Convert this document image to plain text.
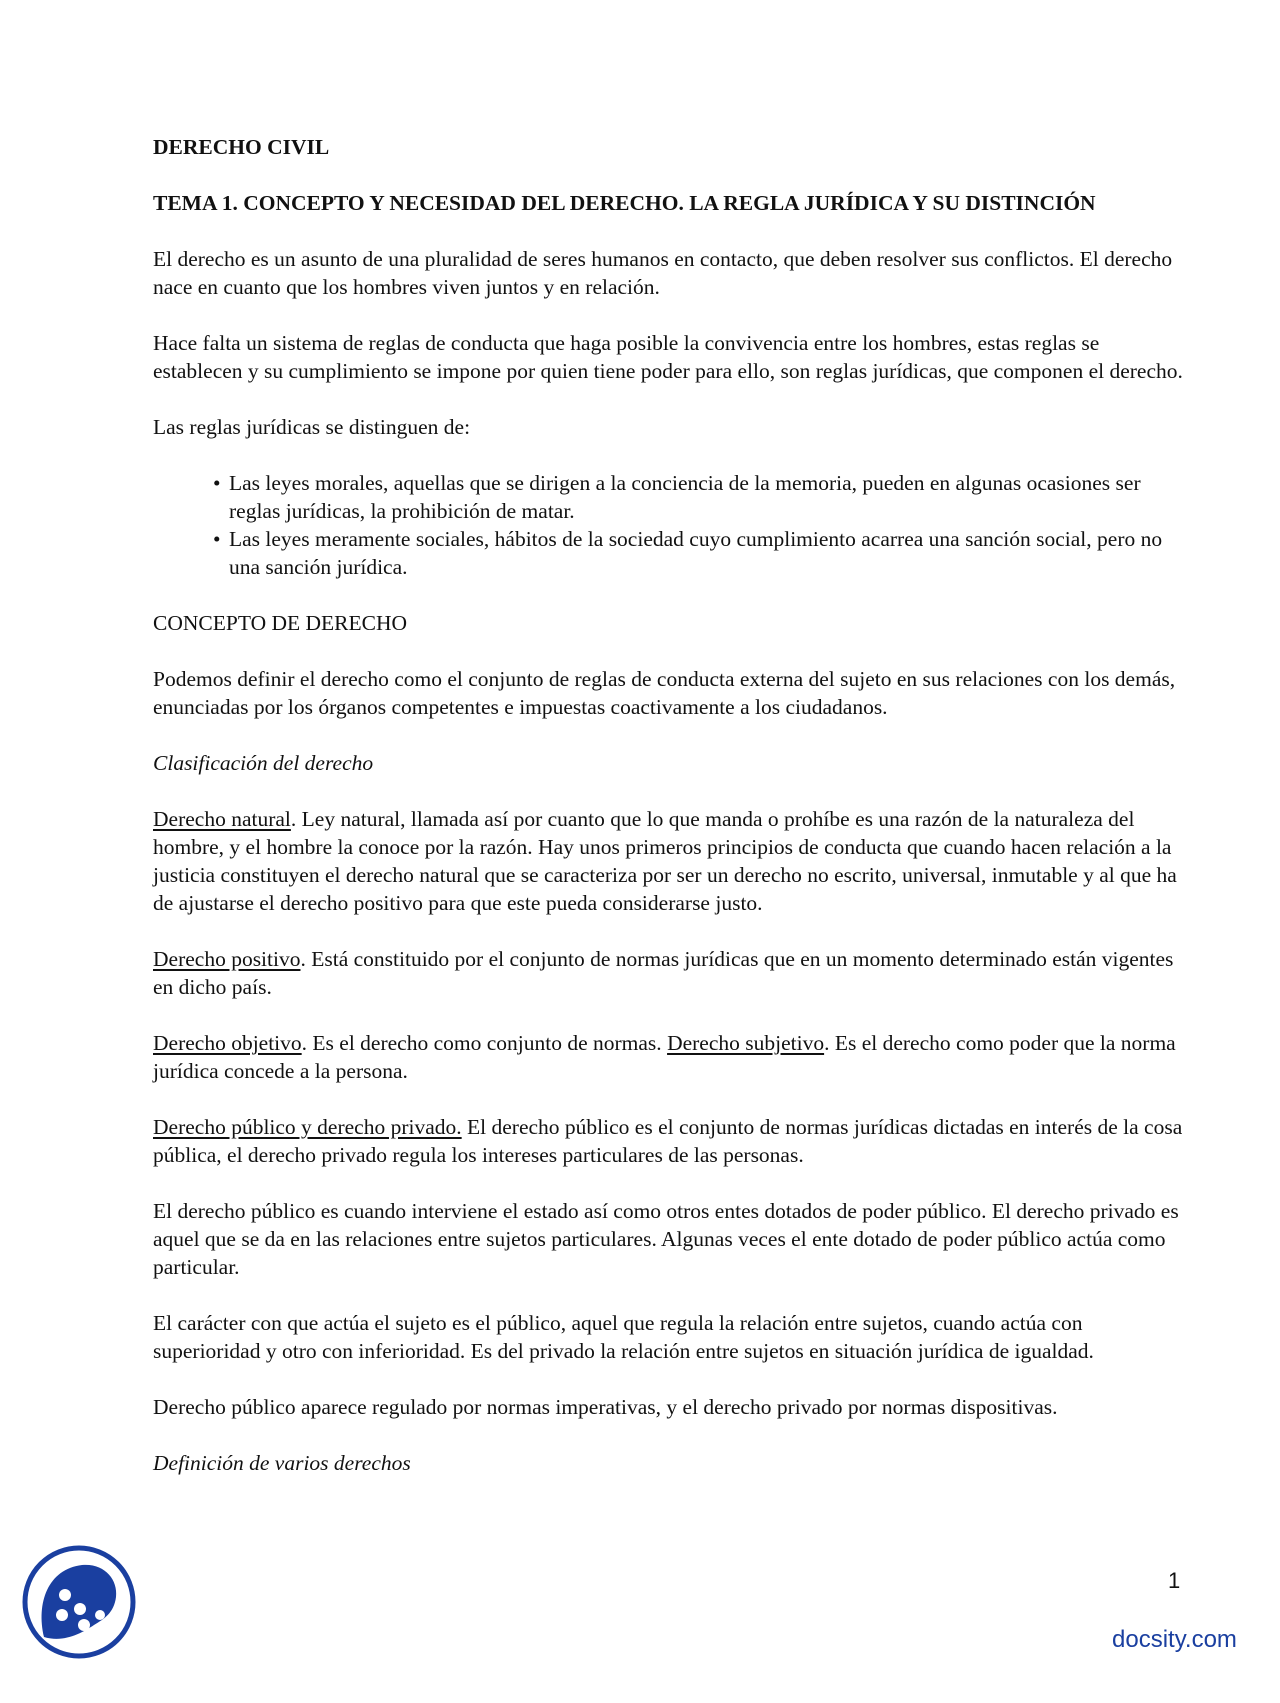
DERECHO CIVIL
TEMA 1. CONCEPTO Y NECESIDAD DEL DERECHO. LA REGLA JURÍDICA Y SU DISTINCIÓN

El derecho es un asunto de una pluralidad de seres humanos en contacto, que deben resolver sus conflictos. El derecho nace en cuanto que los hombres viven juntos y en relación.

Hace falta un sistema de reglas de conducta que haga posible la convivencia entre los hombres, estas reglas se establecen y su cumplimiento se impone por quien tiene poder para ello, son reglas jurídicas, que componen el derecho.

Las reglas jurídicas se distinguen de:

• Las leyes morales, aquellas que se dirigen a la conciencia de la memoria, pueden en algunas ocasiones ser reglas jurídicas, la prohibición de matar.
• Las leyes meramente sociales, hábitos de la sociedad cuyo cumplimiento acarrea una sanción social, pero no una sanción jurídica.

CONCEPTO DE DERECHO

Podemos definir el derecho como el conjunto de reglas de conducta externa del sujeto en sus relaciones con los demás, enunciadas por los órganos competentes e impuestas coactivamente a los ciudadanos.

Clasificación del derecho

Derecho natural. Ley natural, llamada así por cuanto que lo que manda o prohíbe es una razón de la naturaleza del hombre, y el hombre la conoce por la razón. Hay unos primeros principios de conducta que cuando hacen relación a la justicia constituyen el derecho natural que se caracteriza por ser un derecho no escrito, universal, inmutable y al que ha de ajustarse el derecho positivo para que este pueda considerarse justo.

Derecho positivo. Está constituido por el conjunto de normas jurídicas que en un momento determinado están vigentes en dicho país.

Derecho objetivo. Es el derecho como conjunto de normas. Derecho subjetivo. Es el derecho como poder que la norma jurídica concede a la persona.

Derecho público y derecho privado. El derecho público es el conjunto de normas jurídicas dictadas en interés de la cosa pública, el derecho privado regula los intereses particulares de las personas.

El derecho público es cuando interviene el estado así como otros entes dotados de poder público. El derecho privado es aquel que se da en las relaciones entre sujetos particulares. Algunas veces el ente dotado de poder público actúa como particular.

El carácter con que actúa el sujeto es el público, aquel que regula la relación entre sujetos, cuando actúa con superioridad y otro con inferioridad. Es del privado la relación entre sujetos en situación jurídica de igualdad.

Derecho público aparece regulado por normas imperativas, y el derecho privado por normas dispositivas.

Definición de varios derechos

1
docsity.com
